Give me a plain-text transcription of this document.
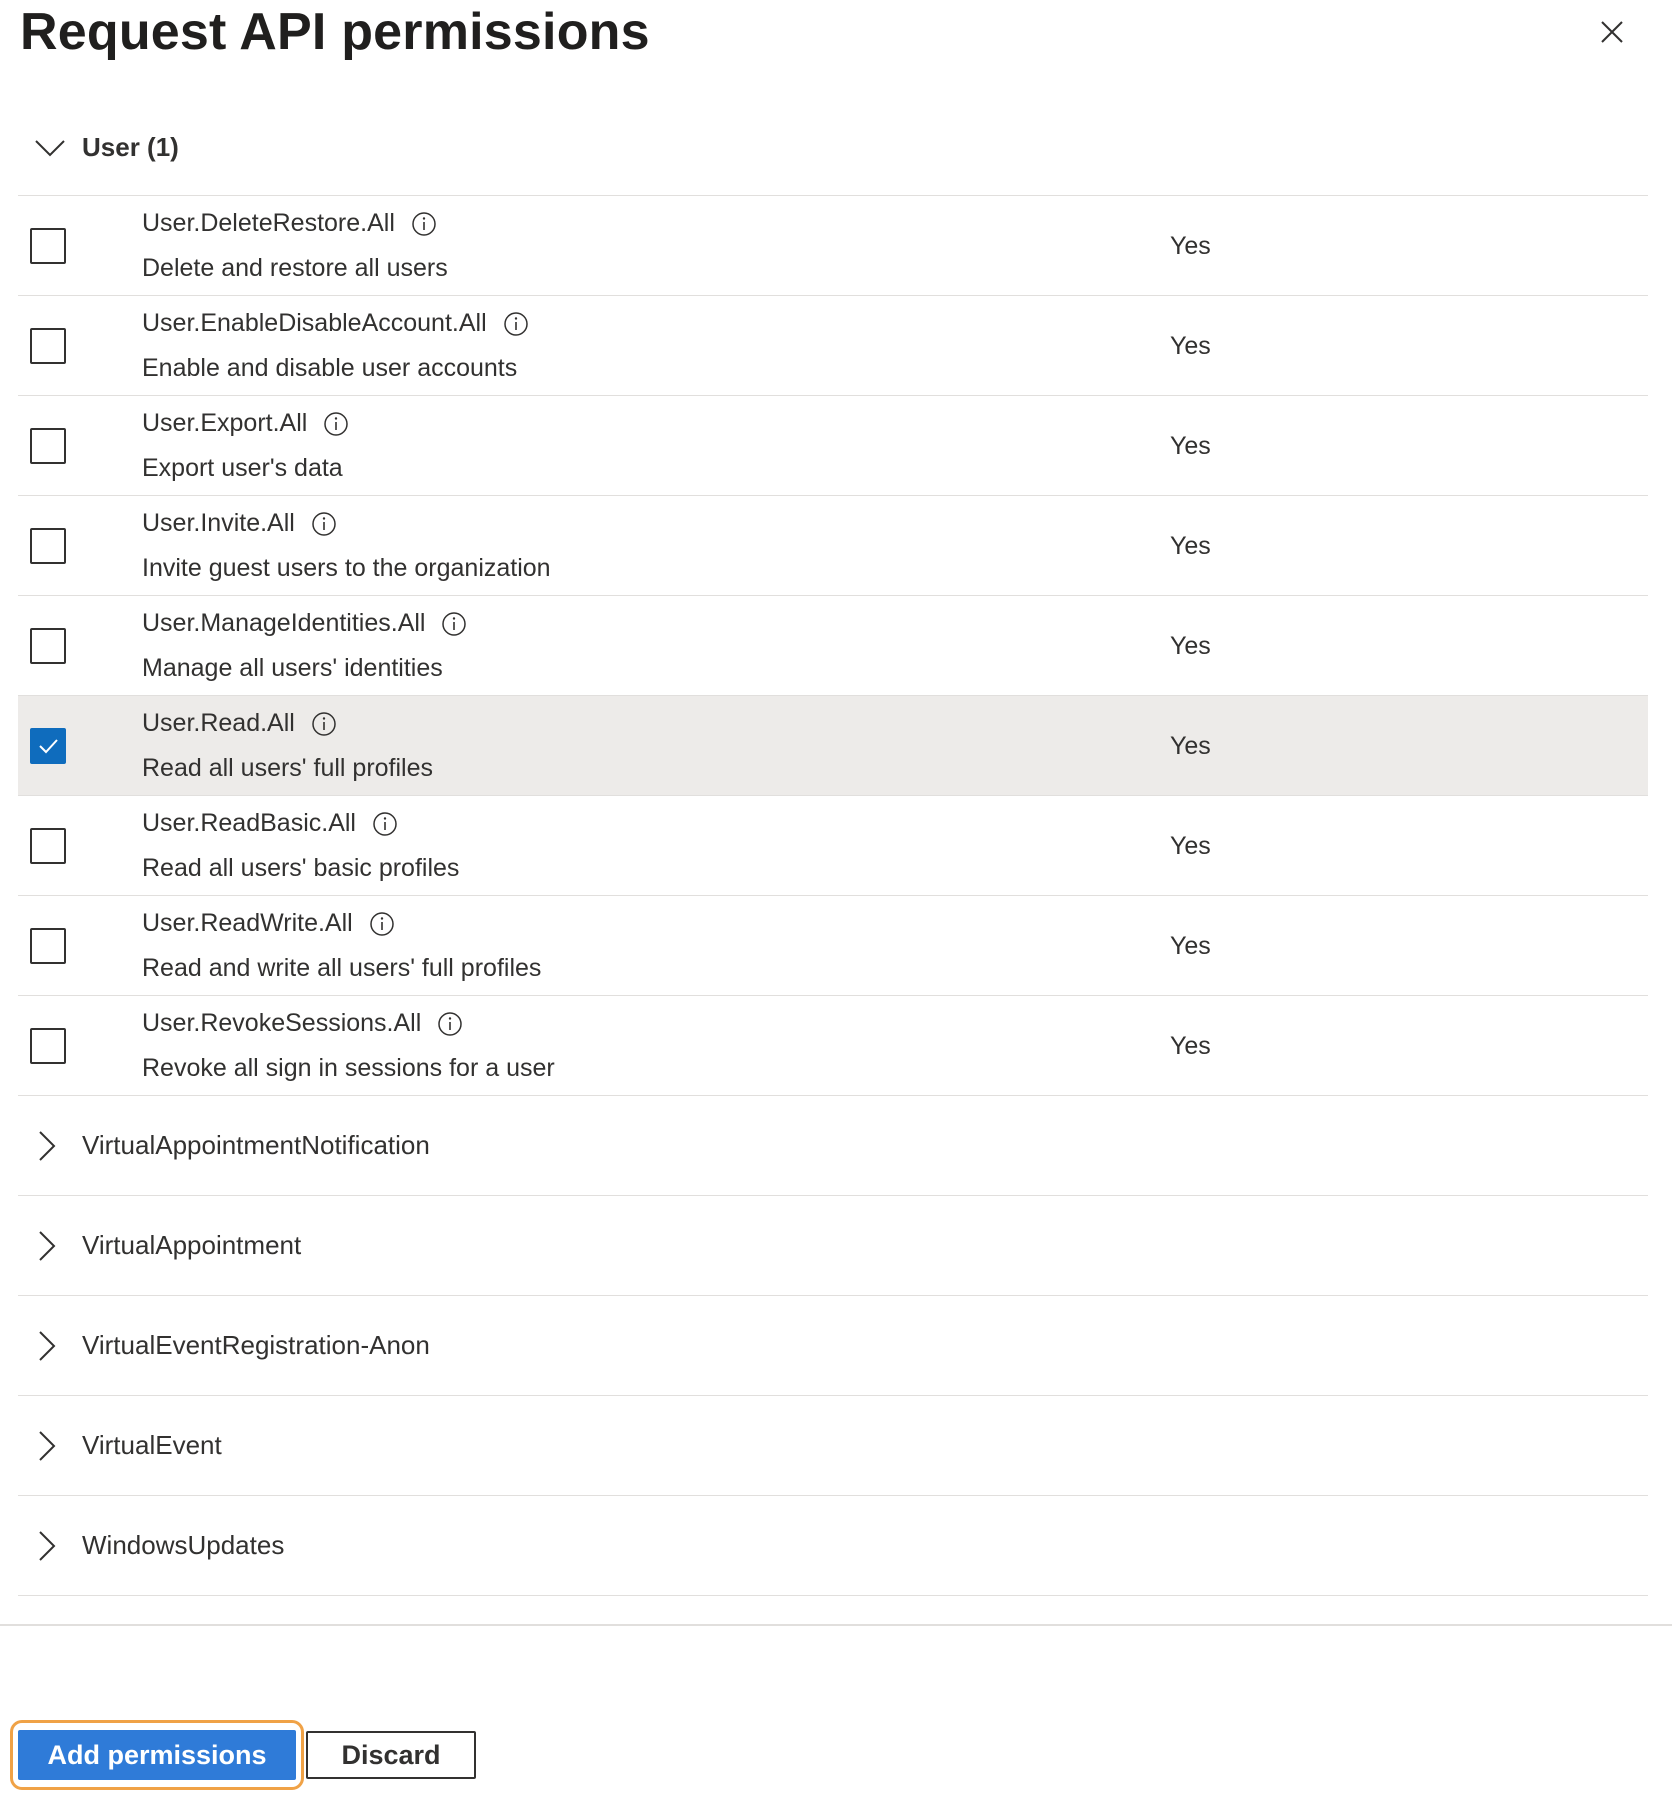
Request API permissions
User (1)
User.DeleteRestore.All
Delete and restore all users
Yes
User.EnableDisableAccount.All
Enable and disable user accounts
Yes
User.Export.All
Export user's data
Yes
User.Invite.All
Invite guest users to the organization
Yes
User.ManageIdentities.All
Manage all users' identities
Yes
User.Read.All
Read all users' full profiles
Yes
User.ReadBasic.All
Read all users' basic profiles
Yes
User.ReadWrite.All
Read and write all users' full profiles
Yes
User.RevokeSessions.All
Revoke all sign in sessions for a user
Yes
VirtualAppointmentNotification
VirtualAppointment
VirtualEventRegistration-Anon
VirtualEvent
WindowsUpdates
Add permissions	Discard
